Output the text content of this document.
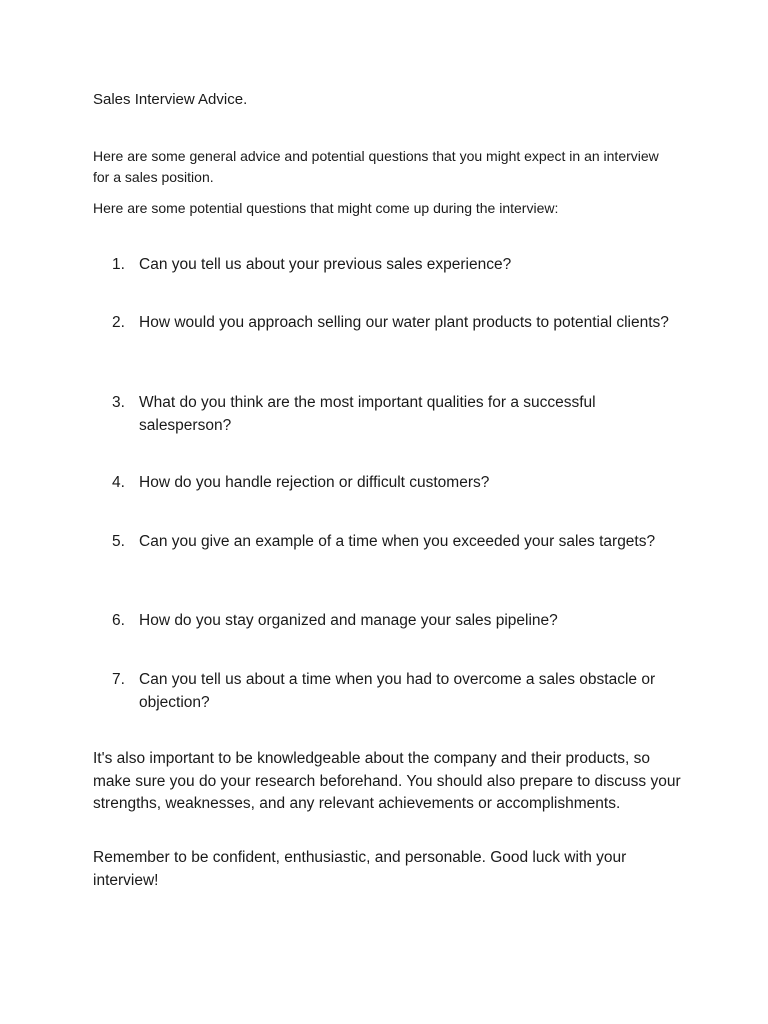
Sales Interview Advice.

Here are some general advice and potential questions that you might expect in an interview for a sales position.

Here are some potential questions that might come up during the interview:

1. Can you tell us about your previous sales experience?
2. How would you approach selling our water plant products to potential clients?
3. What do you think are the most important qualities for a successful salesperson?
4. How do you handle rejection or difficult customers?
5. Can you give an example of a time when you exceeded your sales targets?
6. How do you stay organized and manage your sales pipeline?
7. Can you tell us about a time when you had to overcome a sales obstacle or objection?

It's also important to be knowledgeable about the company and their products, so make sure you do your research beforehand. You should also prepare to discuss your strengths, weaknesses, and any relevant achievements or accomplishments.

Remember to be confident, enthusiastic, and personable. Good luck with your interview!
